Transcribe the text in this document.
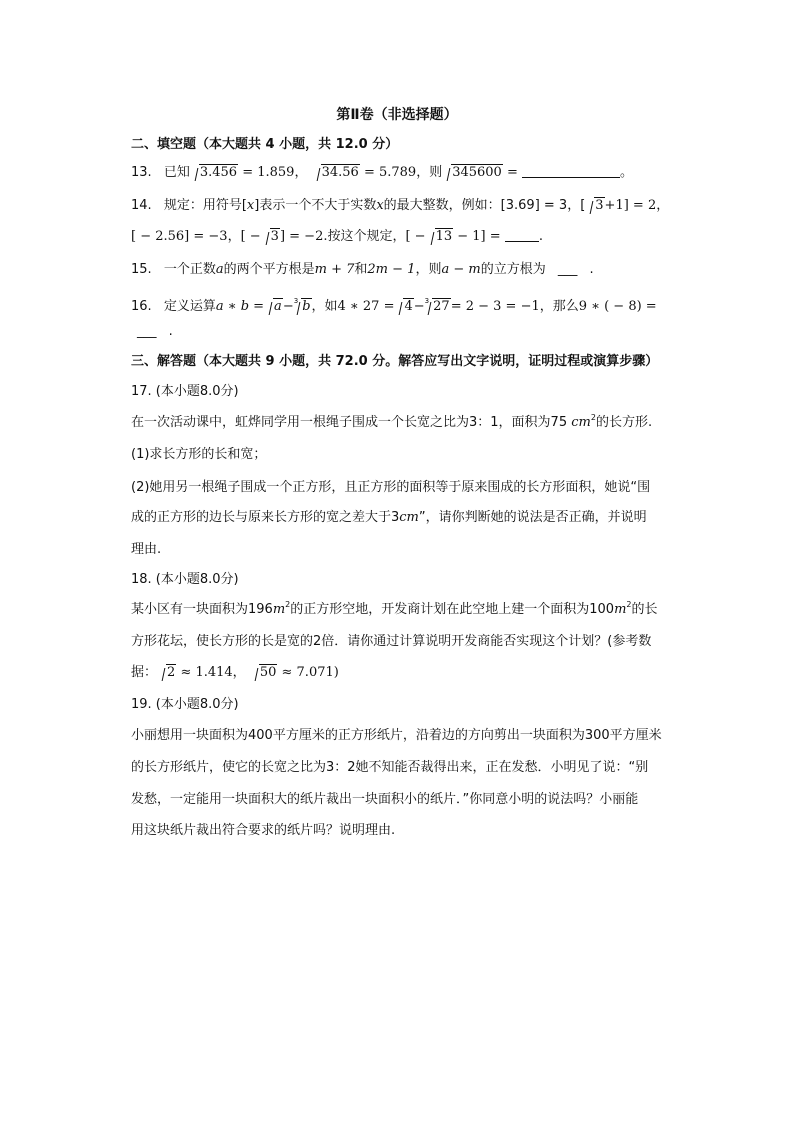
第Ⅱ卷（非选择题）
二、填空题（本大题共 4 小题，共 12.0 分）
13. 已知 3.456 = 1.859， 34.56 = 5.789，则 345600 =	。
14. 规定：用符号[x]表示一个不大于实数x的最大整数，例如：[3.69] = 3，[ 3+1] = 2，
[ − 2.56] = −3，[ − 3] = −2.按这个规定，[ − 13 − 1] =	.
15. 一个正数a的两个平方根是m + 7和2m − 1，则a − m的立方根为 ___ .
16. 定义运算a ∗ b = a−$^3$ b，如4 ∗ 27 = 4−$^3$ 27= 2 − 3 = −1，那么9 ∗ ( − 8) =
___ .
三、解答题（本大题共 9 小题，共 72.0 分。解答应写出文字说明，证明过程或演算步骤）
17. (本小题8.0分)
在一次活动课中，虹烨同学用一根绳子围成一个长宽之比为3：1，面积为75 $cm^2$的长方形.
(1)求长方形的长和宽；
(2)她用另一根绳子围成一个正方形，且正方形的面积等于原来围成的长方形面积，她说“围
成的正方形的边长与原来长方形的宽之差大于3cm”，请你判断她的说法是否正确，并说明
理由.
18. (本小题8.0分)
某小区有一块面积为$196m^2$的正方形空地，开发商计划在此空地上建一个面积为$100m^2$的长
方形花坛，使长方形的长是宽的2倍．请你通过计算说明开发商能否实现这个计划？(参考数
据： 2 ≈ 1.414， 50 ≈ 7.071)
19. (本小题8.0分)
小丽想用一块面积为400平方厘米的正方形纸片，沿着边的方向剪出一块面积为300平方厘米
的长方形纸片，使它的长宽之比为3：2她不知能否裁得出来，正在发愁．小明见了说：“别
发愁，一定能用一块面积大的纸片裁出一块面积小的纸片．”你同意小明的说法吗？小丽能
用这块纸片裁出符合要求的纸片吗？说明理由.
